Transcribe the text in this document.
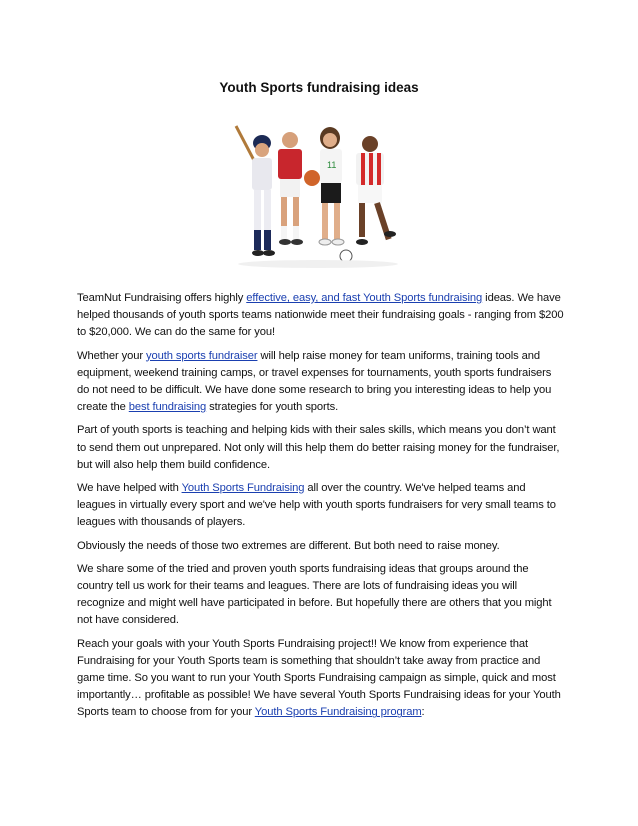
Youth Sports fundraising ideas
11

TeamNut Fundraising offers highly effective, easy, and fast Youth Sports fundraising ideas. We have helped thousands of youth sports teams nationwide meet their fundraising goals - ranging from $200 to $20,000. We can do the same for you!

Whether your youth sports fundraiser will help raise money for team uniforms, training tools and equipment, weekend training camps, or travel expenses for tournaments, youth sports fundraisers do not need to be difficult. We have done some research to bring you interesting ideas to help you create the best fundraising strategies for youth sports.

Part of youth sports is teaching and helping kids with their sales skills, which means you don’t want to send them out unprepared. Not only will this help them do better raising money for the fundraiser, but will also help them build confidence.

We have helped with Youth Sports Fundraising all over the country. We've helped teams and leagues in virtually every sport and we've help with youth sports fundraisers for very small teams to leagues with thousands of players.

Obviously the needs of those two extremes are different. But both need to raise money.

We share some of the tried and proven youth sports fundraising ideas that groups around the country tell us work for their teams and leagues. There are lots of fundraising ideas you will recognize and might well have participated in before. But hopefully there are others that you might not have considered.

Reach your goals with your Youth Sports Fundraising project!! We know from experience that Fundraising for your Youth Sports team is something that shouldn’t take away from practice and game time. So you want to run your Youth Sports Fundraising campaign as simple, quick and most importantly… profitable as possible! We have several Youth Sports Fundraising ideas for your Youth Sports team to choose from for your Youth Sports Fundraising program:
